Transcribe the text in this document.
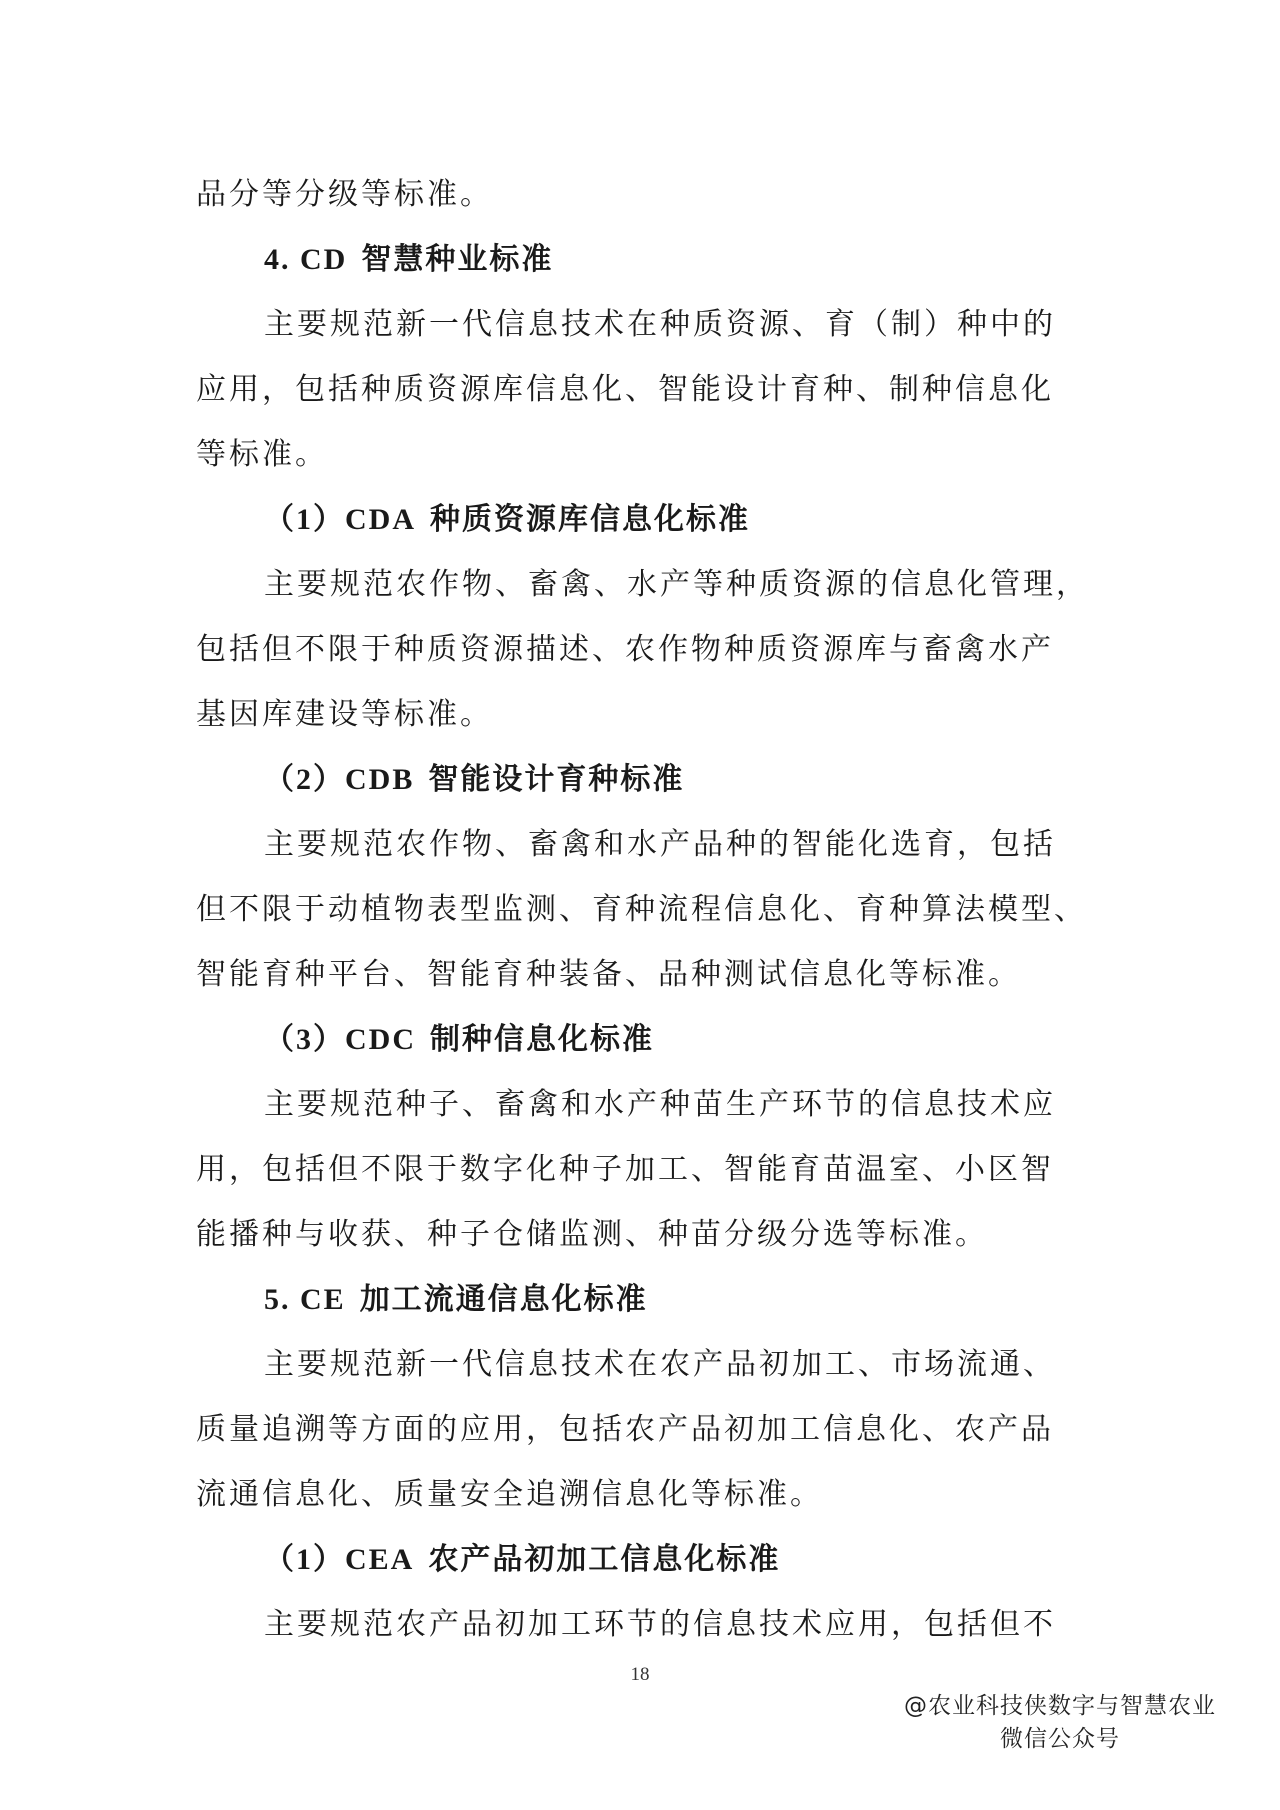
品分等分级等标准。
4. CD 智慧种业标准
主要规范新一代信息技术在种质资源、育（制）种中的
应用，包括种质资源库信息化、智能设计育种、制种信息化
等标准。
（1）CDA 种质资源库信息化标准
主要规范农作物、畜禽、水产等种质资源的信息化管理，
包括但不限于种质资源描述、农作物种质资源库与畜禽水产
基因库建设等标准。
（2）CDB 智能设计育种标准
主要规范农作物、畜禽和水产品种的智能化选育，包括
但不限于动植物表型监测、育种流程信息化、育种算法模型、
智能育种平台、智能育种装备、品种测试信息化等标准。
（3）CDC 制种信息化标准
主要规范种子、畜禽和水产种苗生产环节的信息技术应
用，包括但不限于数字化种子加工、智能育苗温室、小区智
能播种与收获、种子仓储监测、种苗分级分选等标准。
5. CE 加工流通信息化标准
主要规范新一代信息技术在农产品初加工、市场流通、
质量追溯等方面的应用，包括农产品初加工信息化、农产品
流通信息化、质量安全追溯信息化等标准。
（1）CEA 农产品初加工信息化标准
主要规范农产品初加工环节的信息技术应用，包括但不
18
@农业科技侠数字与智慧农业
微信公众号
